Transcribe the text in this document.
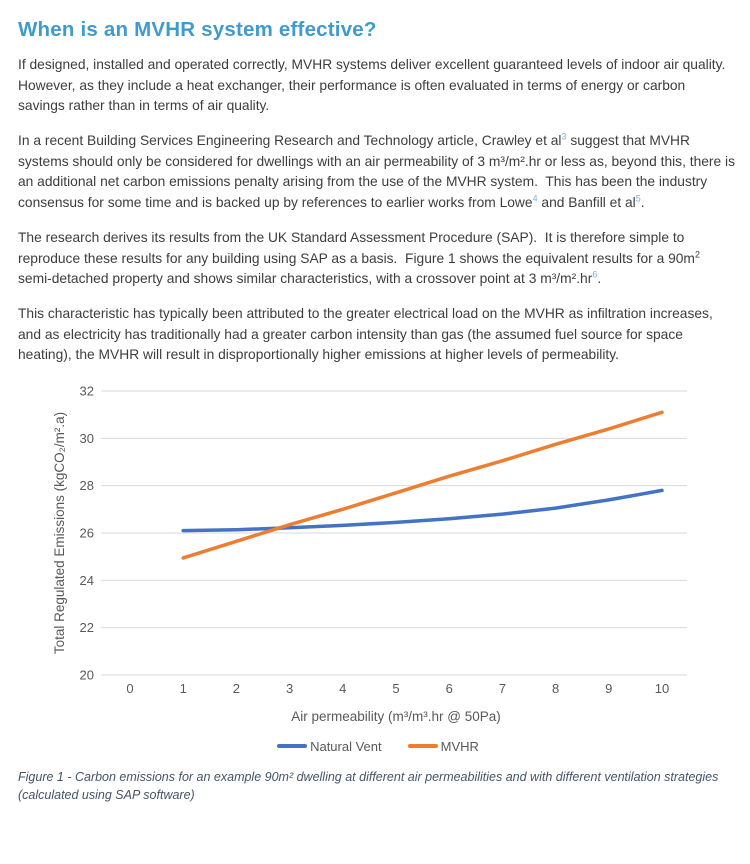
When is an MVHR system effective?

If designed, installed and operated correctly, MVHR systems deliver excellent guaranteed levels of indoor air quality.  However, as they include a heat exchanger, their performance is often evaluated in terms of energy or carbon savings rather than in terms of air quality.

In a recent Building Services Engineering Research and Technology article, Crawley et al$^3$ suggest that MVHR systems should only be considered for dwellings with an air permeability of 3 m³/m².hr or less as, beyond this, there is an additional net carbon emissions penalty arising from the use of the MVHR system.  This has been the industry consensus for some time and is backed up by references to earlier works from Lowe$^4$ and Banfill et al$^5$.

The research derives its results from the UK Standard Assessment Procedure (SAP).  It is therefore simple to reproduce these results for any building using SAP as a basis.  Figure 1 shows the equivalent results for a $90m^2$ semi-detached property and shows similar characteristics, with a crossover point at 3 m³/m².hr$^6$.

This characteristic has typically been attributed to the greater electrical load on the MVHR as infiltration increases, and as electricity has traditionally had a greater carbon intensity than gas (the assumed fuel source for space heating), the MVHR will result in disproportionally higher emissions at higher levels of permeability.

20
22
24
26
28
30
32
0	1	2	3	4	5	6	7	8	9	10
Air permeability (m³/m³.hr @ 50Pa)
Total Regulated Emissions (kgCO₂/m².a)
Natural Vent	MVHR

Figure 1 - Carbon emissions for an example 90m² dwelling at different air permeabilities and with different ventilation strategies (calculated using SAP software)
